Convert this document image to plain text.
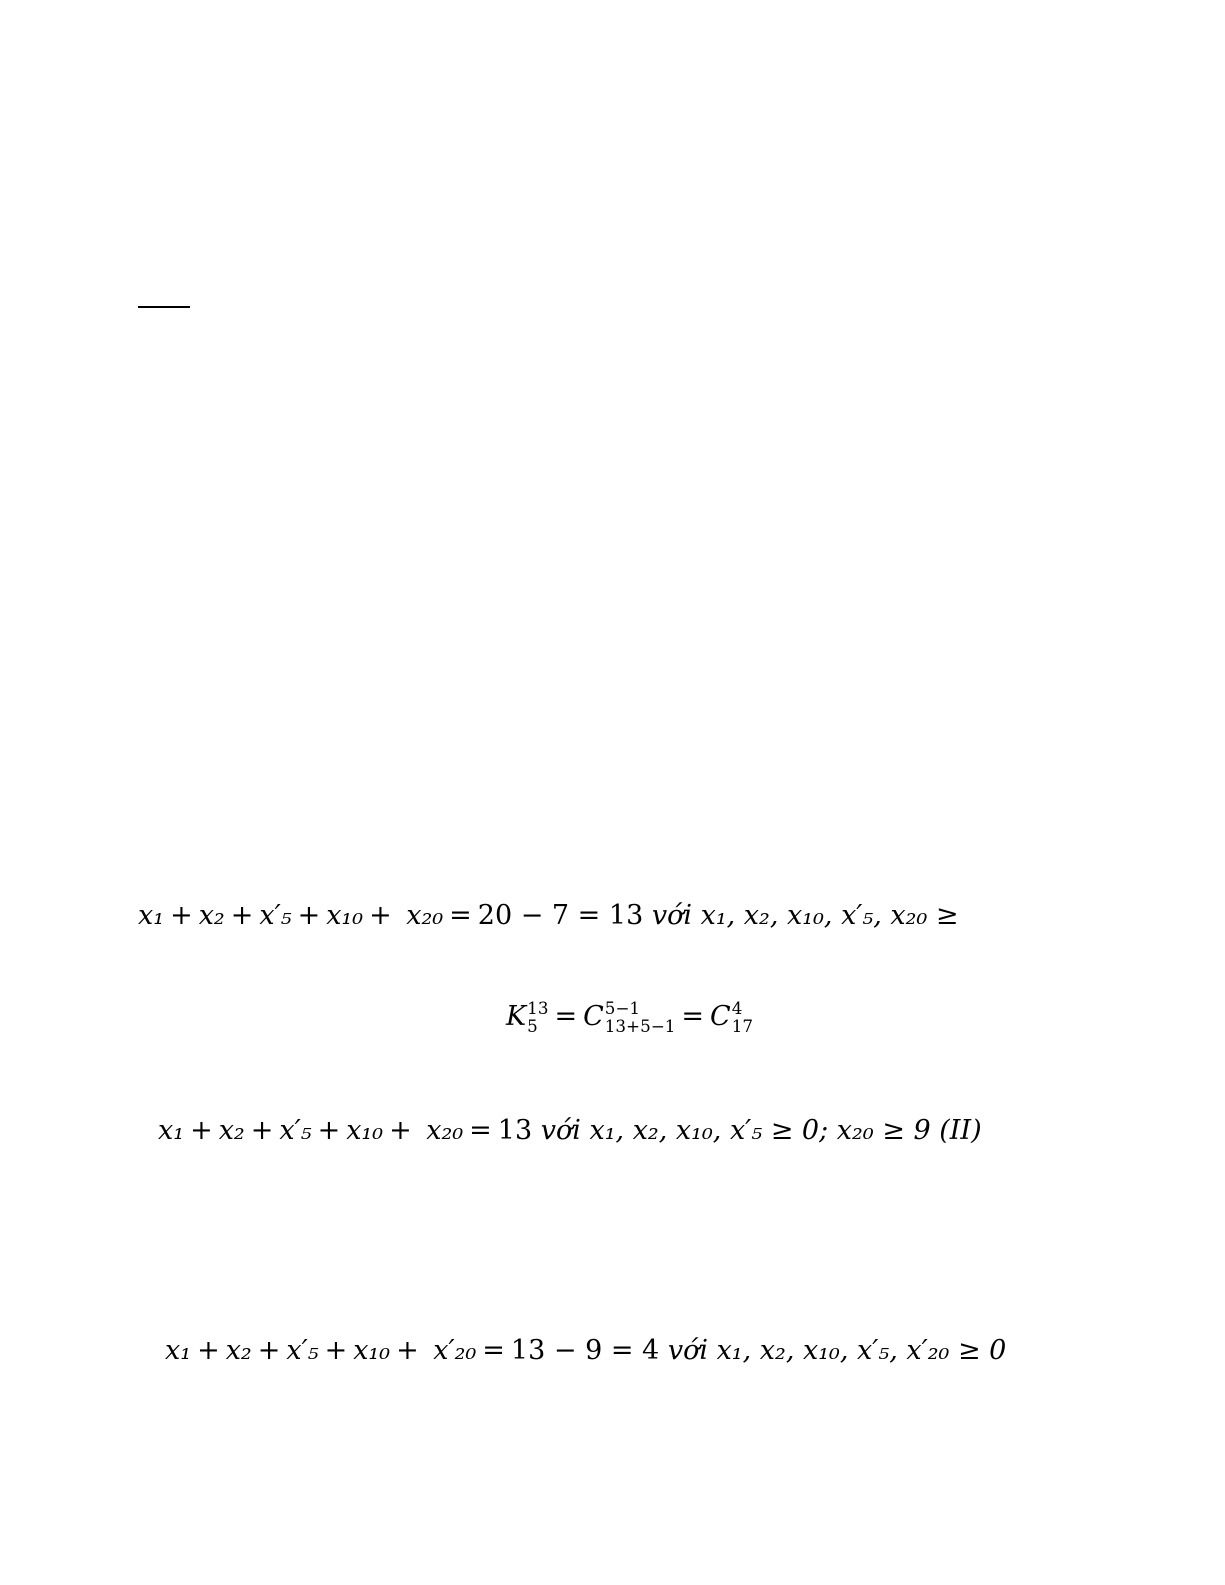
x₁ + x₂ + x′₅ + x₁₀ + x₂₀ = 20 − 7 = 13 với x₁, x₂, x₁₀, x′₅, x₂₀ ≥
K 13
5 = C 5−1
13+5−1 = C 4
17
x₁ + x₂ + x′₅ + x₁₀ + x₂₀ = 13 với x₁, x₂, x₁₀, x′₅ ≥ 0; x₂₀ ≥ 9 (II)
x₁ + x₂ + x′₅ + x₁₀ + x′₂₀ = 13 − 9 = 4 với x₁, x₂, x₁₀, x′₅, x′₂₀ ≥ 0
